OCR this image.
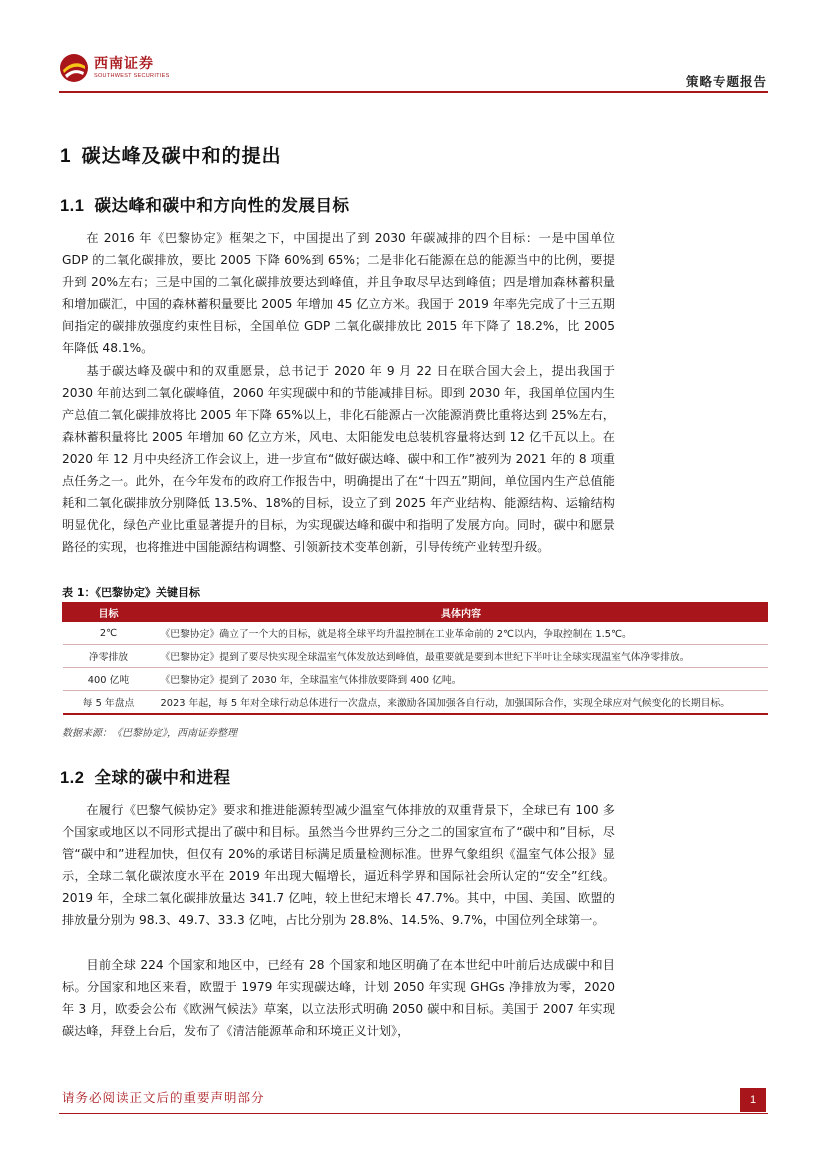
西南证券
SOUTHWEST SECURITIES	策略专题报告
1 碳达峰及碳中和的提出
1.1 碳达峰和碳中和方向性的发展目标

在 2016 年《巴黎协定》框架之下，中国提出了到 2030 年碳减排的四个目标：一是中国单位 GDP 的二氧化碳排放，要比 2005 下降 60%到 65%；二是非化石能源在总的能源当中的比例，要提升到 20%左右；三是中国的二氧化碳排放要达到峰值，并且争取尽早达到峰值；四是增加森林蓄积量和增加碳汇，中国的森林蓄积量要比 2005 年增加 45 亿立方米。我国于 2019 年率先完成了十三五期间指定的碳排放强度约束性目标，全国单位 GDP 二氧化碳排放比 2015 年下降了 18.2%，比 2005 年降低 48.1%。

基于碳达峰及碳中和的双重愿景，总书记于 2020 年 9 月 22 日在联合国大会上，提出我国于 2030 年前达到二氧化碳峰值，2060 年实现碳中和的节能减排目标。即到 2030 年，我国单位国内生产总值二氧化碳排放将比 2005 年下降 65%以上，非化石能源占一次能源消费比重将达到 25%左右，森林蓄积量将比 2005 年增加 60 亿立方米，风电、太阳能发电总装机容量将达到 12 亿千瓦以上。在 2020 年 12 月中央经济工作会议上，进一步宣布“做好碳达峰、碳中和工作”被列为 2021 年的 8 项重点任务之一。此外，在今年发布的政府工作报告中，明确提出了在“十四五”期间，单位国内生产总值能耗和二氧化碳排放分别降低 13.5%、18%的目标，设立了到 2025 年产业结构、能源结构、运输结构明显优化，绿色产业比重显著提升的目标，为实现碳达峰和碳中和指明了发展方向。同时，碳中和愿景路径的实现，也将推进中国能源结构调整、引领新技术变革创新，引导传统产业转型升级。

表 1：《巴黎协定》关键目标
目标	具体内容
2℃	《巴黎协定》确立了一个大的目标，就是将全球平均升温控制在工业革命前的 2℃以内，争取控制在 1.5℃。
净零排放	《巴黎协定》提到了要尽快实现全球温室气体发放达到峰值，最重要就是要到本世纪下半叶让全球实现温室气体净零排放。
400 亿吨	《巴黎协定》提到了 2030 年，全球温室气体排放要降到 400 亿吨。
每 5 年盘点	2023 年起，每 5 年对全球行动总体进行一次盘点，来激励各国加强各自行动，加强国际合作，实现全球应对气候变化的长期目标。
数据来源：《巴黎协定》，西南证券整理
1.2 全球的碳中和进程

在履行《巴黎气候协定》要求和推进能源转型减少温室气体排放的双重背景下，全球已有 100 多个国家或地区以不同形式提出了碳中和目标。虽然当今世界约三分之二的国家宣布了“碳中和”目标，尽管“碳中和”进程加快，但仅有 20%的承诺目标满足质量检测标准。世界气象组织《温室气体公报》显示，全球二氧化碳浓度水平在 2019 年出现大幅增长，逼近科学界和国际社会所认定的“安全”红线。2019 年，全球二氧化碳排放量达 341.7 亿吨，较上世纪末增长 47.7%。其中，中国、美国、欧盟的排放量分别为 98.3、49.7、33.3 亿吨，占比分别为 28.8%、14.5%、9.7%，中国位列全球第一。

目前全球 224 个国家和地区中，已经有 28 个国家和地区明确了在本世纪中叶前后达成碳中和目标。分国家和地区来看，欧盟于 1979 年实现碳达峰，计划 2050 年实现 GHGs 净排放为零，2020 年 3 月，欧委会公布《欧洲气候法》草案，以立法形式明确 2050 碳中和目标。美国于 2007 年实现碳达峰，拜登上台后，发布了《清洁能源革命和环境正义计划》，

请务必阅读正文后的重要声明部分	1
